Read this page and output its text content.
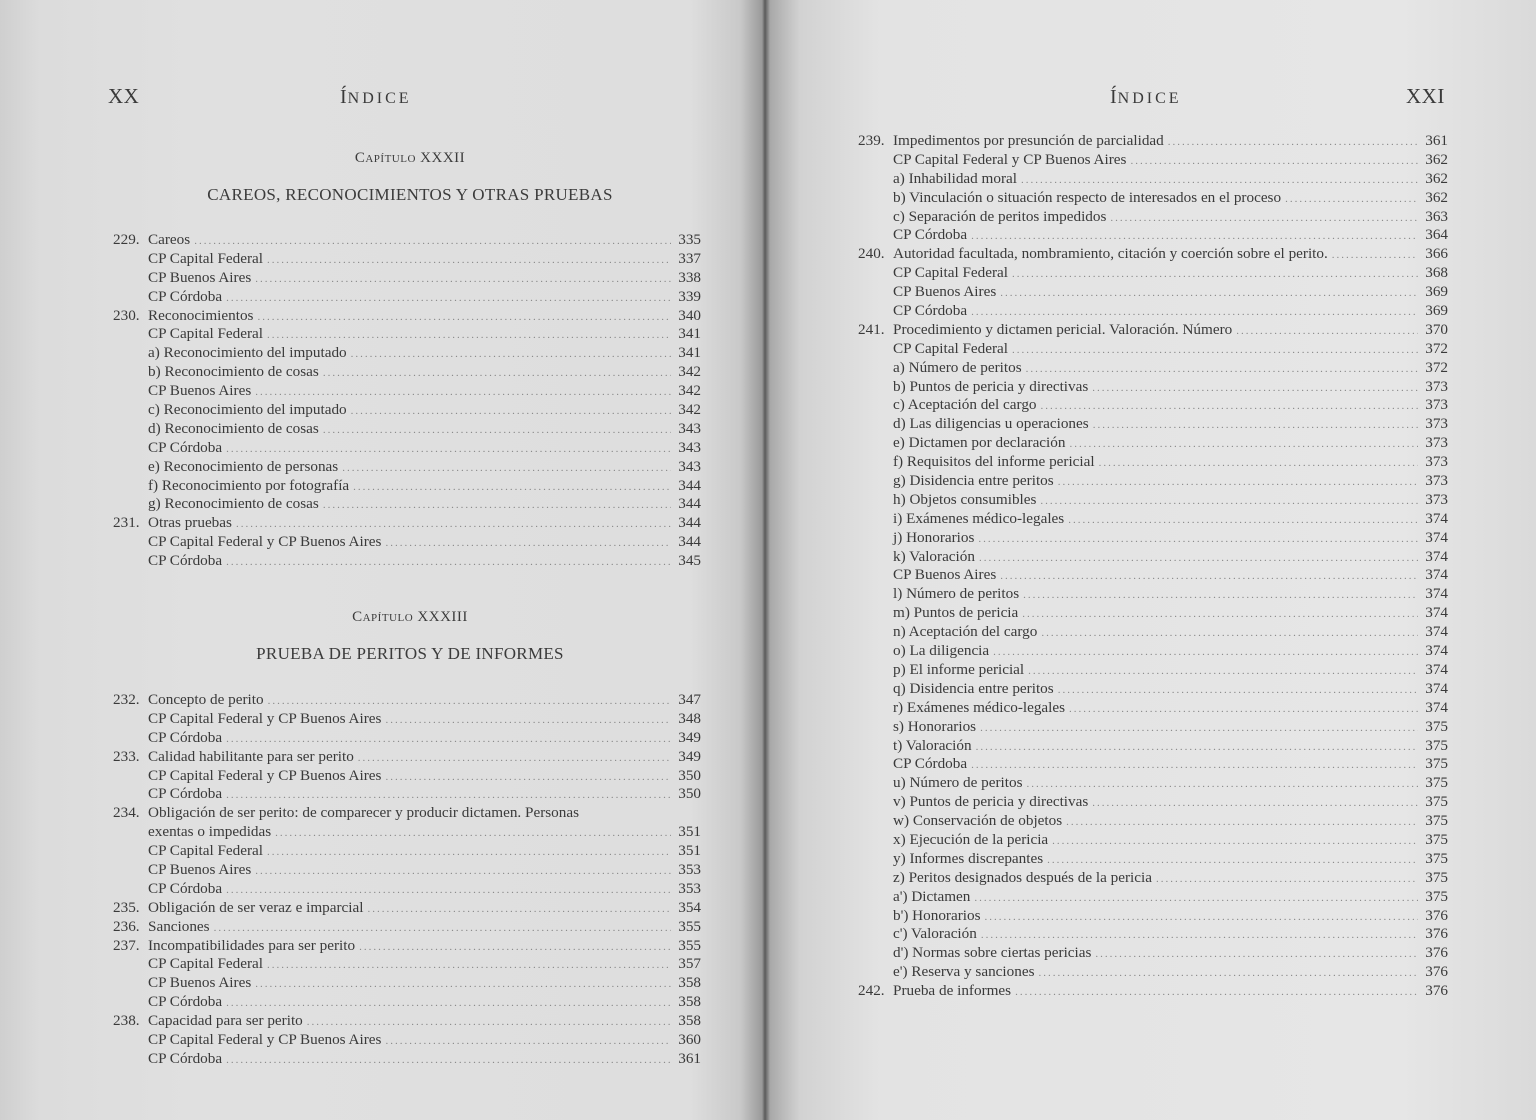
XX	ÍNDICE
Capítulo XXXII
CAREOS, RECONOCIMIENTOS Y OTRAS PRUEBAS
229. Careos .....	335
CP Capital Federal .....	337
CP Buenos Aires .....	338
CP Córdoba .....	339
230. Reconocimientos .....	340
CP Capital Federal .....	341
a) Reconocimiento del imputado .....	341
b) Reconocimiento de cosas .....	342
CP Buenos Aires .....	342
c) Reconocimiento del imputado .....	342
d) Reconocimiento de cosas .....	343
CP Córdoba .....	343
e) Reconocimiento de personas .....	343
f) Reconocimiento por fotografía .....	344
g) Reconocimiento de cosas .....	344
231. Otras pruebas .....	344
CP Capital Federal y CP Buenos Aires .....	344
CP Córdoba .....	345
Capítulo XXXIII
PRUEBA DE PERITOS Y DE INFORMES
232. Concepto de perito .....	347
CP Capital Federal y CP Buenos Aires .....	348
CP Córdoba .....	349
233. Calidad habilitante para ser perito .....	349
CP Capital Federal y CP Buenos Aires .....	350
CP Córdoba .....	350
234. Obligación de ser perito: de comparecer y producir dictamen. Personas
exentas o impedidas .....	351
CP Capital Federal .....	351
CP Buenos Aires .....	353
CP Córdoba .....	353
235. Obligación de ser veraz e imparcial .....	354
236. Sanciones .....	355
237. Incompatibilidades para ser perito .....	355
CP Capital Federal .....	357
CP Buenos Aires .....	358
CP Córdoba .....	358
238. Capacidad para ser perito .....	358
CP Capital Federal y CP Buenos Aires .....	360
CP Córdoba .....	361
ÍNDICE	XXI
239. Impedimentos por presunción de parcialidad .....	361
CP Capital Federal y CP Buenos Aires .....	362
a) Inhabilidad moral .....	362
b) Vinculación o situación respecto de interesados en el proceso .....	362
c) Separación de peritos impedidos .....	363
CP Córdoba .....	364
240. Autoridad facultada, nombramiento, citación y coerción sobre el perito. .....	366
CP Capital Federal .....	368
CP Buenos Aires .....	369
CP Córdoba .....	369
241. Procedimiento y dictamen pericial. Valoración. Número .....	370
CP Capital Federal .....	372
a) Número de peritos .....	372
b) Puntos de pericia y directivas .....	373
c) Aceptación del cargo .....	373
d) Las diligencias u operaciones .....	373
e) Dictamen por declaración .....	373
f) Requisitos del informe pericial .....	373
g) Disidencia entre peritos .....	373
h) Objetos consumibles .....	373
i) Exámenes médico-legales .....	374
j) Honorarios .....	374
k) Valoración .....	374
CP Buenos Aires .....	374
l) Número de peritos .....	374
m) Puntos de pericia .....	374
n) Aceptación del cargo .....	374
o) La diligencia .....	374
p) El informe pericial .....	374
q) Disidencia entre peritos .....	374
r) Exámenes médico-legales .....	374
s) Honorarios .....	375
t) Valoración .....	375
CP Córdoba .....	375
u) Número de peritos .....	375
v) Puntos de pericia y directivas .....	375
w) Conservación de objetos .....	375
x) Ejecución de la pericia .....	375
y) Informes discrepantes .....	375
z) Peritos designados después de la pericia .....	375
a') Dictamen .....	375
b') Honorarios .....	376
c') Valoración .....	376
d') Normas sobre ciertas pericias .....	376
e') Reserva y sanciones .....	376
242. Prueba de informes .....	376
